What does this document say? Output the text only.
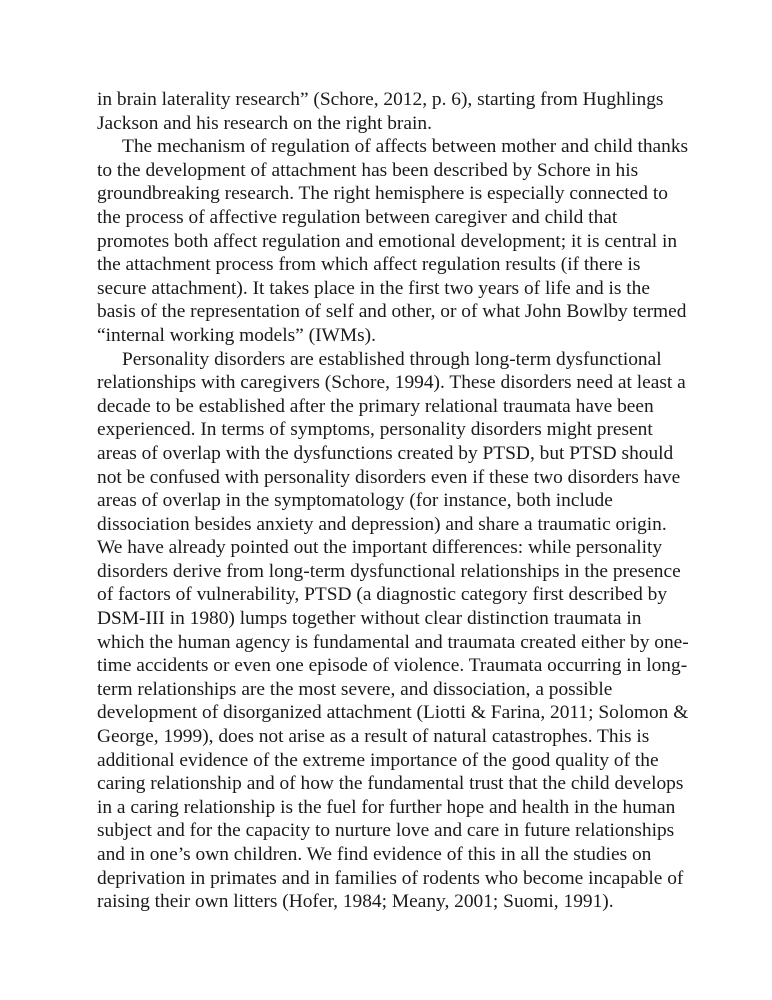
in brain laterality research” (Schore, 2012, p. 6), starting from Hughlings
Jackson and his research on the right brain.
The mechanism of regulation of affects between mother and child thanks
to the development of attachment has been described by Schore in his
groundbreaking research. The right hemisphere is especially connected to
the process of affective regulation between caregiver and child that
promotes both affect regulation and emotional development; it is central in
the attachment process from which affect regulation results (if there is
secure attachment). It takes place in the first two years of life and is the
basis of the representation of self and other, or of what John Bowlby termed
“internal working models” (IWMs).
Personality disorders are established through long-term dysfunctional
relationships with caregivers (Schore, 1994). These disorders need at least a
decade to be established after the primary relational traumata have been
experienced. In terms of symptoms, personality disorders might present
areas of overlap with the dysfunctions created by PTSD, but PTSD should
not be confused with personality disorders even if these two disorders have
areas of overlap in the symptomatology (for instance, both include
dissociation besides anxiety and depression) and share a traumatic origin.
We have already pointed out the important differences: while personality
disorders derive from long-term dysfunctional relationships in the presence
of factors of vulnerability, PTSD (a diagnostic category first described by
DSM-III in 1980) lumps together without clear distinction traumata in
which the human agency is fundamental and traumata created either by one-
time accidents or even one episode of violence. Traumata occurring in long-
term relationships are the most severe, and dissociation, a possible
development of disorganized attachment (Liotti & Farina, 2011; Solomon &
George, 1999), does not arise as a result of natural catastrophes. This is
additional evidence of the extreme importance of the good quality of the
caring relationship and of how the fundamental trust that the child develops
in a caring relationship is the fuel for further hope and health in the human
subject and for the capacity to nurture love and care in future relationships
and in one’s own children. We find evidence of this in all the studies on
deprivation in primates and in families of rodents who become incapable of
raising their own litters (Hofer, 1984; Meany, 2001; Suomi, 1991).
